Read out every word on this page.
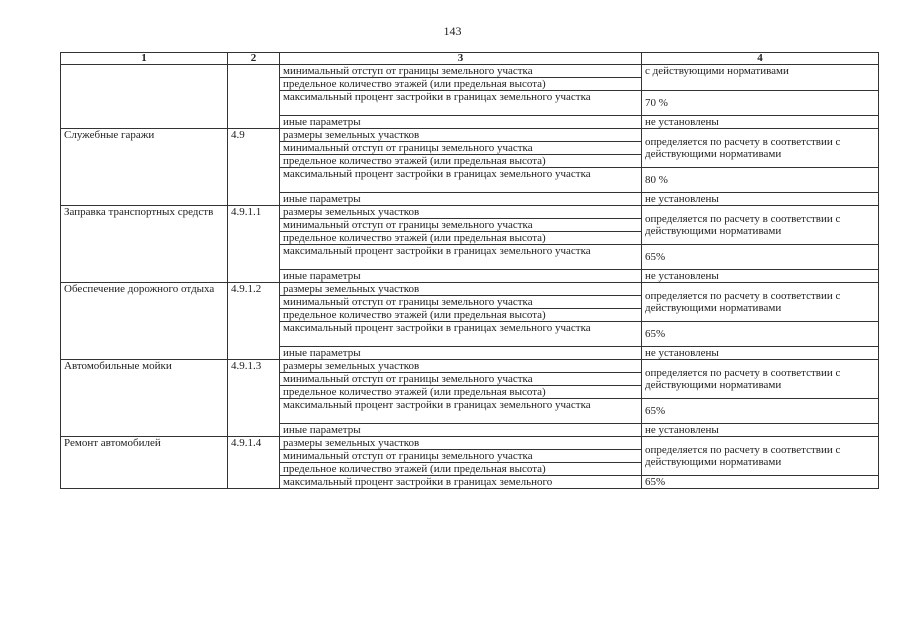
143
1	2	3	4
		минимальный отступ от границы земельного участка	с действующими нормативами
		предельное количество этажей (или предельная высота)	
		максимальный процент застройки в границах земельного участка	70 %
		иные параметры	не установлены
Служебные гаражи	4.9	размеры земельных участков	определяется по расчету в соответствии с действующими нормативами
		минимальный отступ от границы земельного участка	
		предельное количество этажей (или предельная высота)	
		максимальный процент застройки в границах земельного участка	80 %
		иные параметры	не установлены
Заправка транспортных средств	4.9.1.1	размеры земельных участков	определяется по расчету в соответствии с действующими нормативами
		минимальный отступ от границы земельного участка	
		предельное количество этажей (или предельная высота)	
		максимальный процент застройки в границах земельного участка	65%
		иные параметры	не установлены
Обеспечение дорожного отдыха	4.9.1.2	размеры земельных участков	определяется по расчету в соответствии с действующими нормативами
		минимальный отступ от границы земельного участка	
		предельное количество этажей (или предельная высота)	
		максимальный процент застройки в границах земельного участка	65%
		иные параметры	не установлены
Автомобильные мойки	4.9.1.3	размеры земельных участков	определяется по расчету в соответствии с действующими нормативами
		минимальный отступ от границы земельного участка	
		предельное количество этажей (или предельная высота)	
		максимальный процент застройки в границах земельного участка	65%
		иные параметры	не установлены
Ремонт автомобилей	4.9.1.4	размеры земельных участков	определяется по расчету в соответствии с действующими нормативами
		минимальный отступ от границы земельного участка	
		предельное количество этажей (или предельная высота)	
		максимальный процент застройки в границах земельного	65%
